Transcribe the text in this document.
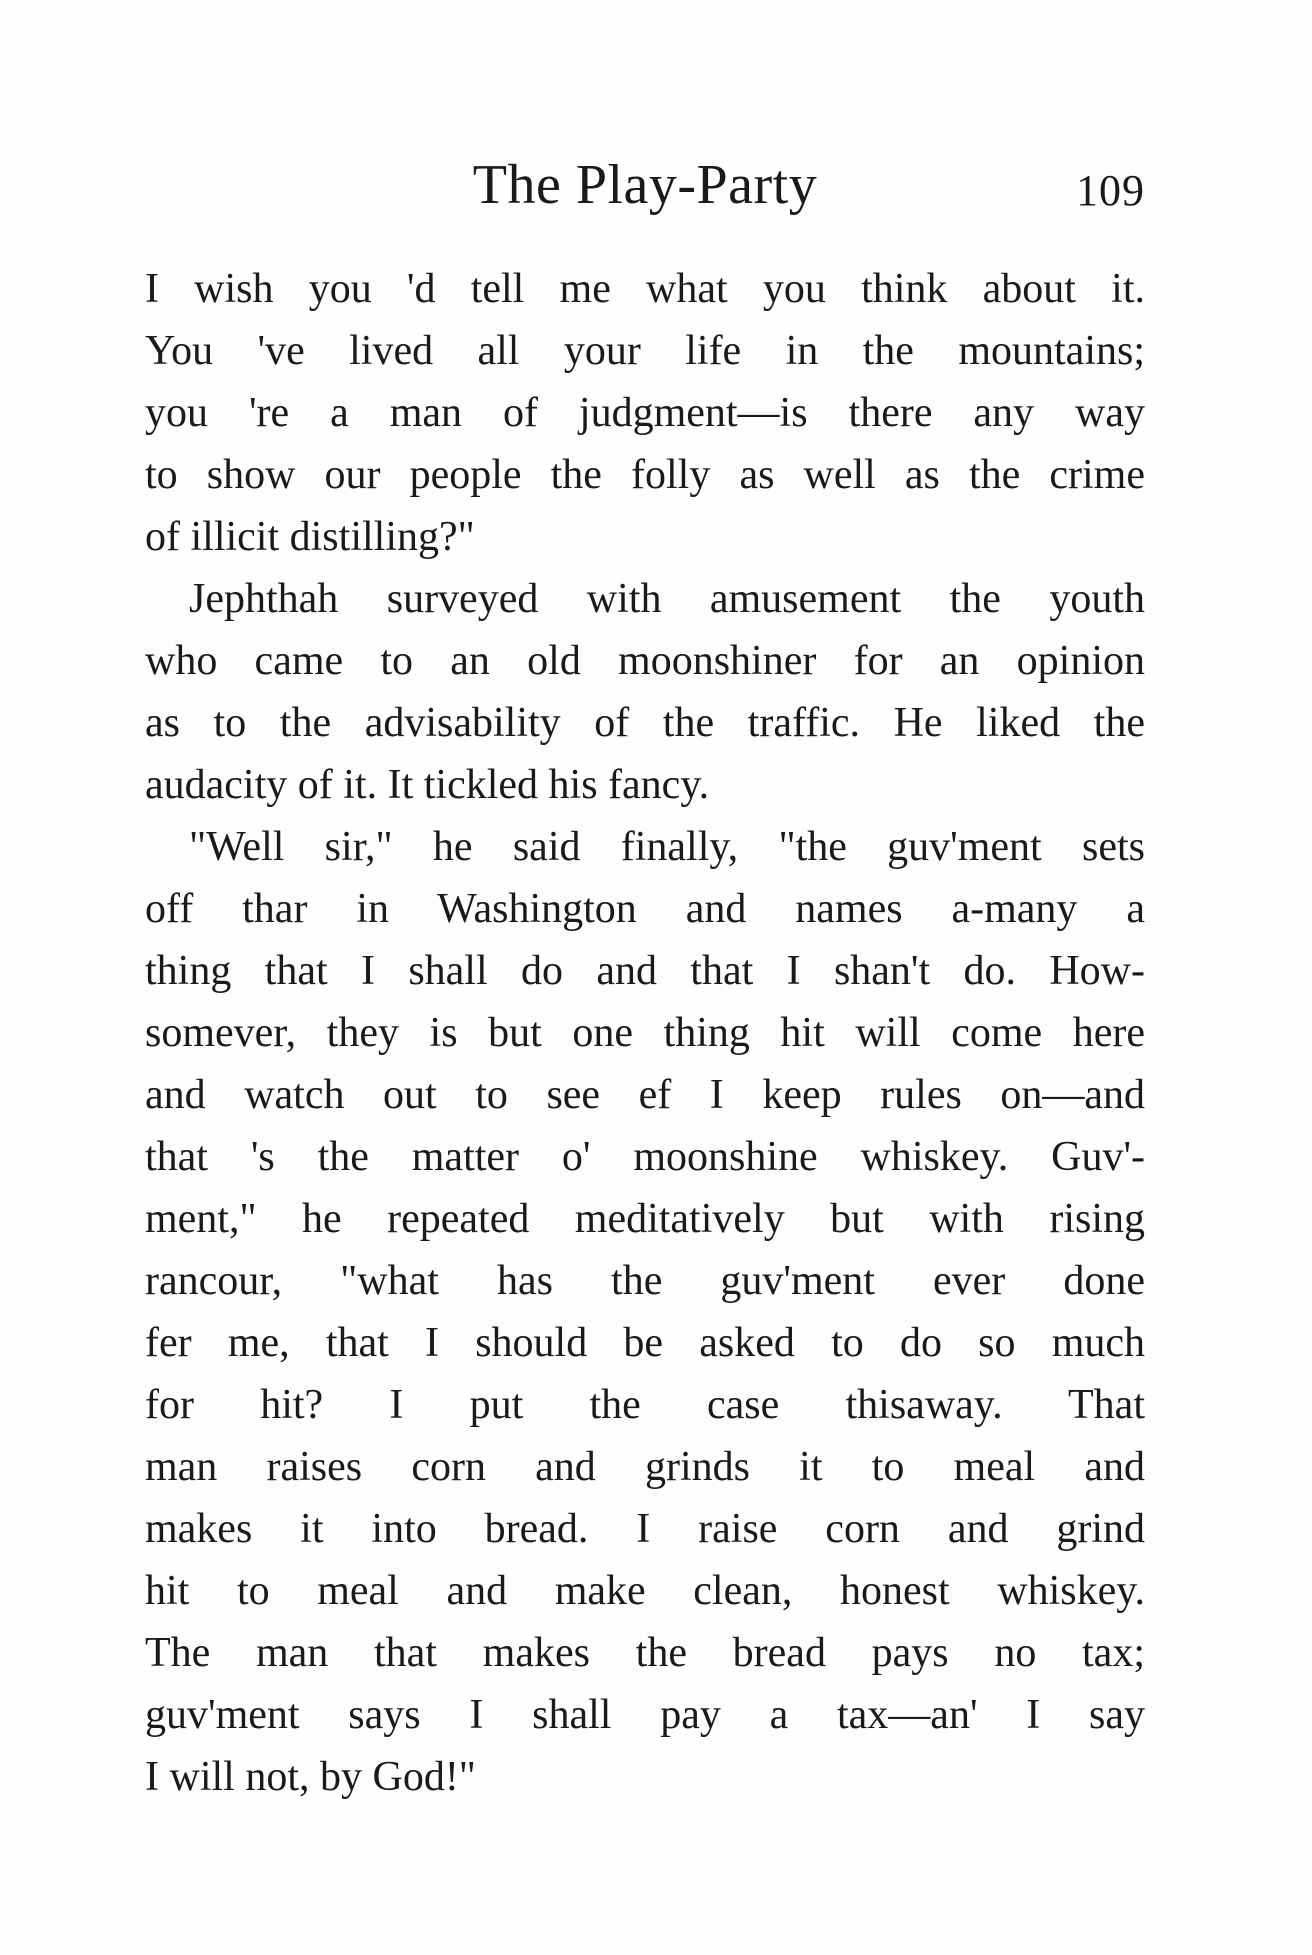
The Play-Party	109
I wish you 'd tell me what you think about it.
You 've lived all your life in the mountains;
you 're a man of judgment—is there any way
to show our people the folly as well as the crime
of illicit distilling?"
Jephthah surveyed with amusement the youth
who came to an old moonshiner for an opinion
as to the advisability of the traffic. He liked the
audacity of it. It tickled his fancy.
"Well sir," he said finally, "the guv'ment sets
off thar in Washington and names a-many a
thing that I shall do and that I shan't do. How-
somever, they is but one thing hit will come here
and watch out to see ef I keep rules on—and
that 's the matter o' moonshine whiskey. Guv'-
ment," he repeated meditatively but with rising
rancour, "what has the guv'ment ever done
fer me, that I should be asked to do so much
for hit? I put the case thisaway. That
man raises corn and grinds it to meal and
makes it into bread. I raise corn and grind
hit to meal and make clean, honest whiskey.
The man that makes the bread pays no tax;
guv'ment says I shall pay a tax—an' I say
I will not, by God!"
